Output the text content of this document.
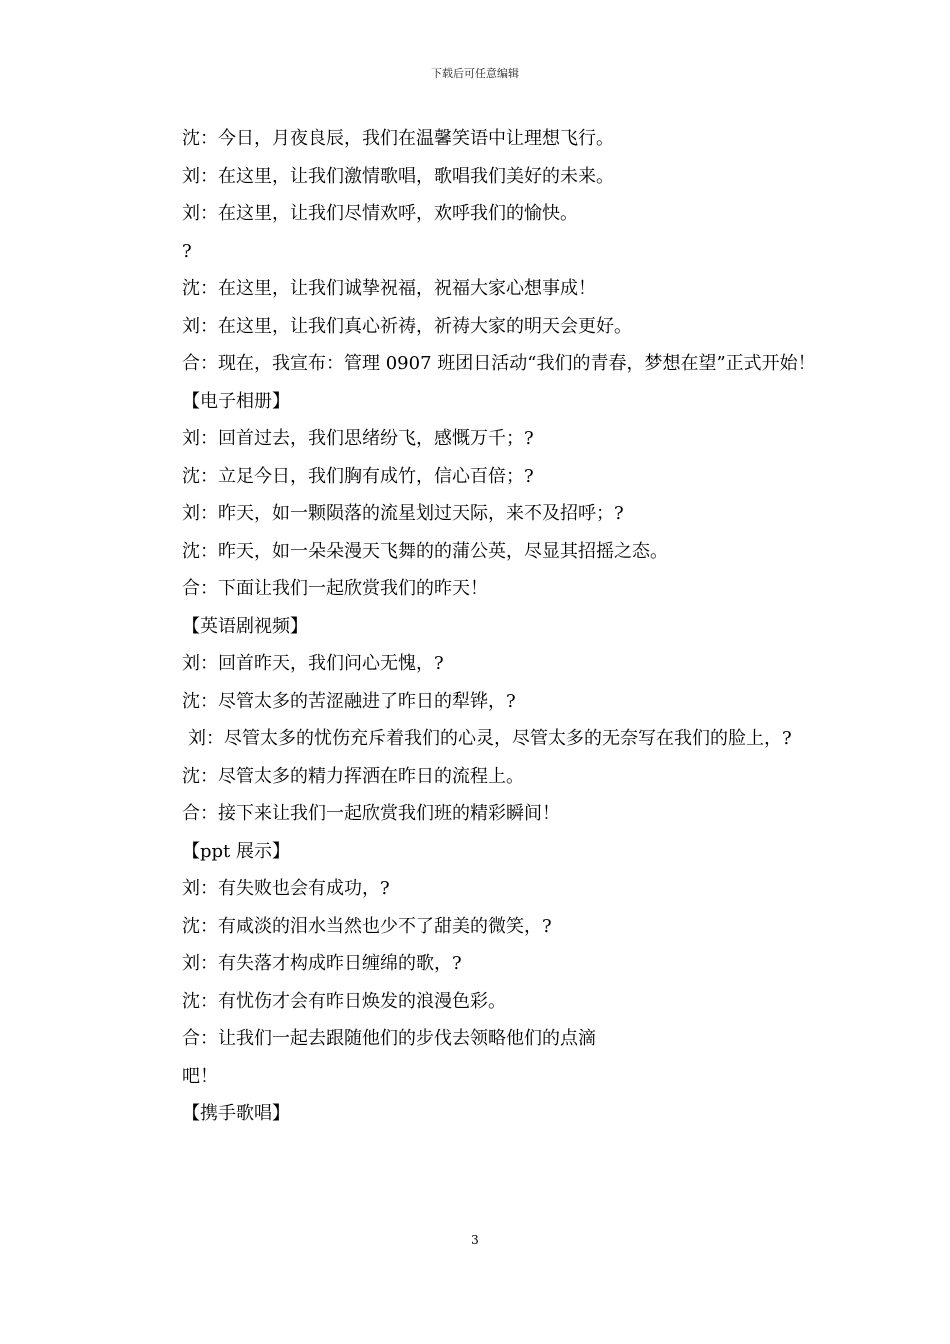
下载后可任意编辑
沈：今日，月夜良辰，我们在温馨笑语中让理想飞行。
刘：在这里，让我们激情歌唱，歌唱我们美好的未来。
刘：在这里，让我们尽情欢呼，欢呼我们的愉快。
?
沈：在这里，让我们诚挚祝福，祝福大家心想事成！
刘：在这里，让我们真心祈祷，祈祷大家的明天会更好。
合：现在，我宣布：管理 0907 班团日活动“我们的青春，梦想在望”正式开始！
【电子相册】
刘：回首过去，我们思绪纷飞，感慨万千；?
沈：立足今日，我们胸有成竹，信心百倍；?
刘：昨天，如一颗陨落的流星划过天际，来不及招呼；?
沈：昨天，如一朵朵漫天飞舞的的蒲公英，尽显其招摇之态。
合：下面让我们一起欣赏我们的昨天！
【英语剧视频】
刘：回首昨天，我们问心无愧，?
沈：尽管太多的苦涩融进了昨日的犁铧，?
刘：尽管太多的忧伤充斥着我们的心灵，尽管太多的无奈写在我们的脸上，?
沈：尽管太多的精力挥洒在昨日的流程上。
合：接下来让我们一起欣赏我们班的精彩瞬间！
【ppt 展示】
刘：有失败也会有成功，?
沈：有咸淡的泪水当然也少不了甜美的微笑，?
刘：有失落才构成昨日缠绵的歌，?
沈：有忧伤才会有昨日焕发的浪漫色彩。
合：让我们一起去跟随他们的步伐去领略他们的点滴
吧！
【携手歌唱】
3
